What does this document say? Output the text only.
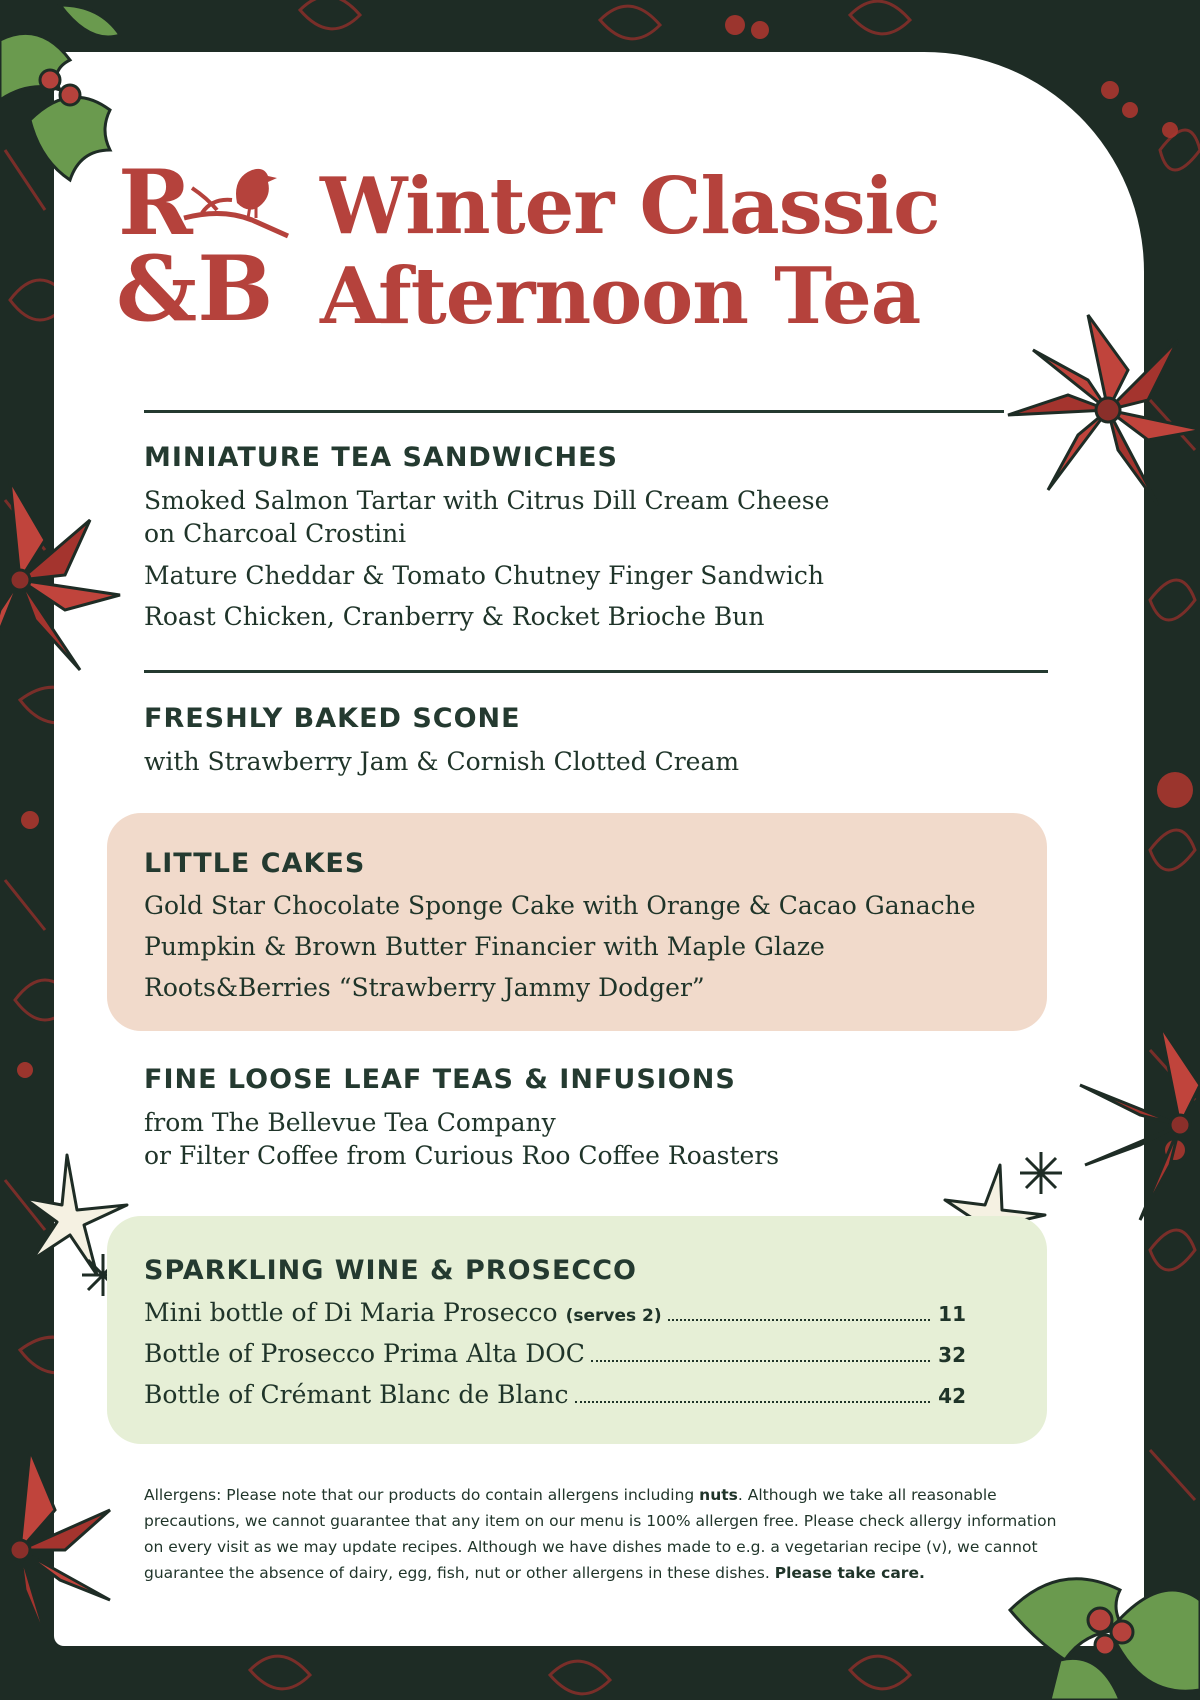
R
&B
Winter Classic
Afternoon Tea
MINIATURE TEA SANDWICHES
Smoked Salmon Tartar with Citrus Dill Cream Cheese
on Charcoal Crostini
Mature Cheddar & Tomato Chutney Finger Sandwich
Roast Chicken, Cranberry & Rocket Brioche Bun
FRESHLY BAKED SCONE
with Strawberry Jam & Cornish Clotted Cream
LITTLE CAKES
Gold Star Chocolate Sponge Cake with Orange & Cacao Ganache
Pumpkin & Brown Butter Financier with Maple Glaze
Roots&Berries “Strawberry Jammy Dodger”
FINE LOOSE LEAF TEAS & INFUSIONS
from The Bellevue Tea Company
or Filter Coffee from Curious Roo Coffee Roasters
SPARKLING WINE & PROSECCO
Mini bottle of Di Maria Prosecco (serves 2)	11
Bottle of Prosecco Prima Alta DOC	32
Bottle of Crémant Blanc de Blanc	42
Allergens: Please note that our products do contain allergens including nuts. Although we take all reasonable precautions, we cannot guarantee that any item on our menu is 100% allergen free. Please check allergy information on every visit as we may update recipes. Although we have dishes made to e.g. a vegetarian recipe (v), we cannot guarantee the absence of dairy, egg, fish, nut or other allergens in these dishes. Please take care.
